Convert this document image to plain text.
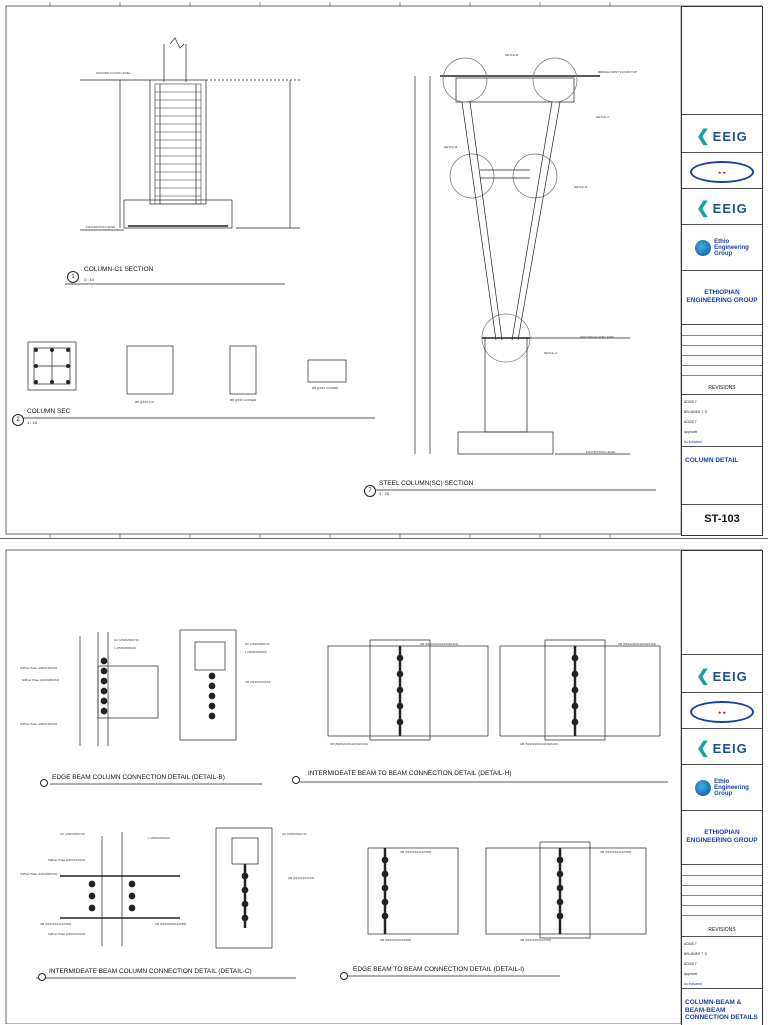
1
COLUMN-C1 SECTION
1 : 10
2
COLUMN SEC
1 : 10
7
STEEL COLUMN(SC) SECTION
1 : 20
GROUND FLOOR LEVEL
FOUNDATION LEVEL
BRIDGE FIRST FLOOR TOP
GROUND FLOOR LEVEL
FOUNDATION LEVEL
DETAIL-B
DETAIL-C
DETAIL-B
DETAIL-B
DETAIL-A
Ø8 @150 C/C	Ø8 @150 LOOSER
Ø8 @150 LOOSER
❮ EEIG
★ ★
❮ EEIG
Ethio
Engineering
Group
ETHIOPIAN ENGINEERING GROUP
REVISIONS
ADDIS T
BELAINEH T. D.
ADDIS T
Approver
As indicated
COLUMN DETAIL
ST-103
EDGE BEAM COLUMN CONNECTION DETAIL (DETAIL-B)
INTERMIDEATE BEAM TO BEAM CONNECTION DETAIL (DETAIL-H)
INTERMIDEATE BEAM COLUMN CONNECTION DETAIL (DETAIL-C)	EDGE BEAM TO BEAM CONNECTION DETAIL (DETAIL-I)
UC (254X254X73)
L (250X250X20)
Stiffner Plate (225X120X10)
Stiffner Plate (120X260X10)
Stiffner Plate (225X120X10)
UC (254X254X73)
L (250X250X20)
UB (533X210X122)
UB (533X210X122X92X101)
UB (533X210X122X92X101)	UB (533X210X122X92X101)
UB (533X210X122X92X101)
UC (254X254X73)
L (250X250X20)
Stiffner Plate (225X120X10)
Stiffner Plate (120X260X10)
UB (533X210X122X86)
Stiffner Plate (225X120X10)
UB (533X210X122X86)
UC (254X254X73)
UB (533X210X122)
UB (533X210X122X86)
UB (533X210X122X86)	UB (533X210X122X86)
UB (533X210X122X86)
❮ EEIG
★ ★
❮ EEIG
Ethio
Engineering
Group
ETHIOPIAN ENGINEERING GROUP
REVISIONS
ADDIS T
BELAINEH T. D.
ADDIS T
Approver
As indicated
COLUMN-BEAM & BEAM-BEAM CONNECTION DETAILS
